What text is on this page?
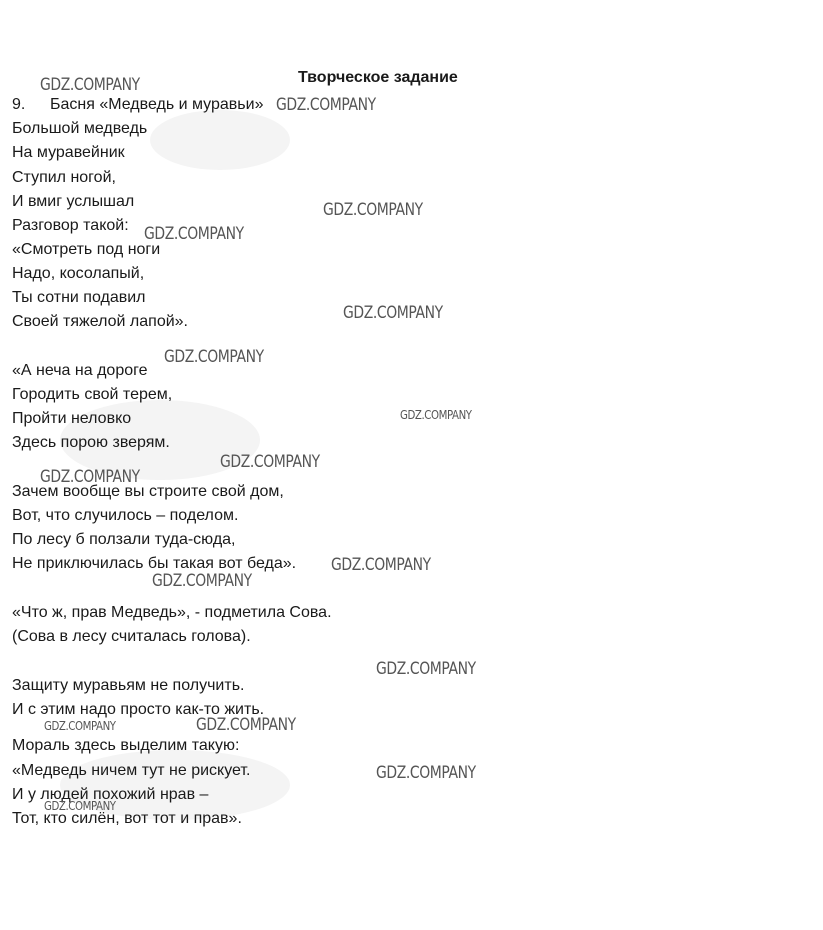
Творческое задание
9. Басня «Медведь и муравьи»
Большой медведь
На муравейник
Ступил ногой,
И вмиг услышал
Разговор такой:
«Смотреть под ноги
Надо, косолапый,
Ты сотни подавил
Своей тяжелой лапой».
«А неча на дороге
Городить свой терем,
Пройти неловко
Здесь порою зверям.
Зачем вообще вы строите свой дом,
Вот, что случилось – поделом.
По лесу б ползали туда-сюда,
Не приключилась бы такая вот беда».
«Что ж, прав Медведь», - подметила Сова.
(Сова в лесу считалась голова).
Защиту муравьям не получить.
И с этим надо просто как-то жить.
Мораль здесь выделим такую:
«Медведь ничем тут не рискует.
И у людей похожий нрав –
Тот, кто силён, вот тот и прав».
GDZ.COMPANY
GDZ.COMPANY
GDZ.COMPANY
GDZ.COMPANY
GDZ.COMPANY
GDZ.COMPANY
GDZ.COMPANY
GDZ.COMPANY
GDZ.COMPANY
GDZ.COMPANY
GDZ.COMPANY
GDZ.COMPANY
GDZ.COMPANY	GDZ.COMPANY
GDZ.COMPANY
GDZ.COMPANY
